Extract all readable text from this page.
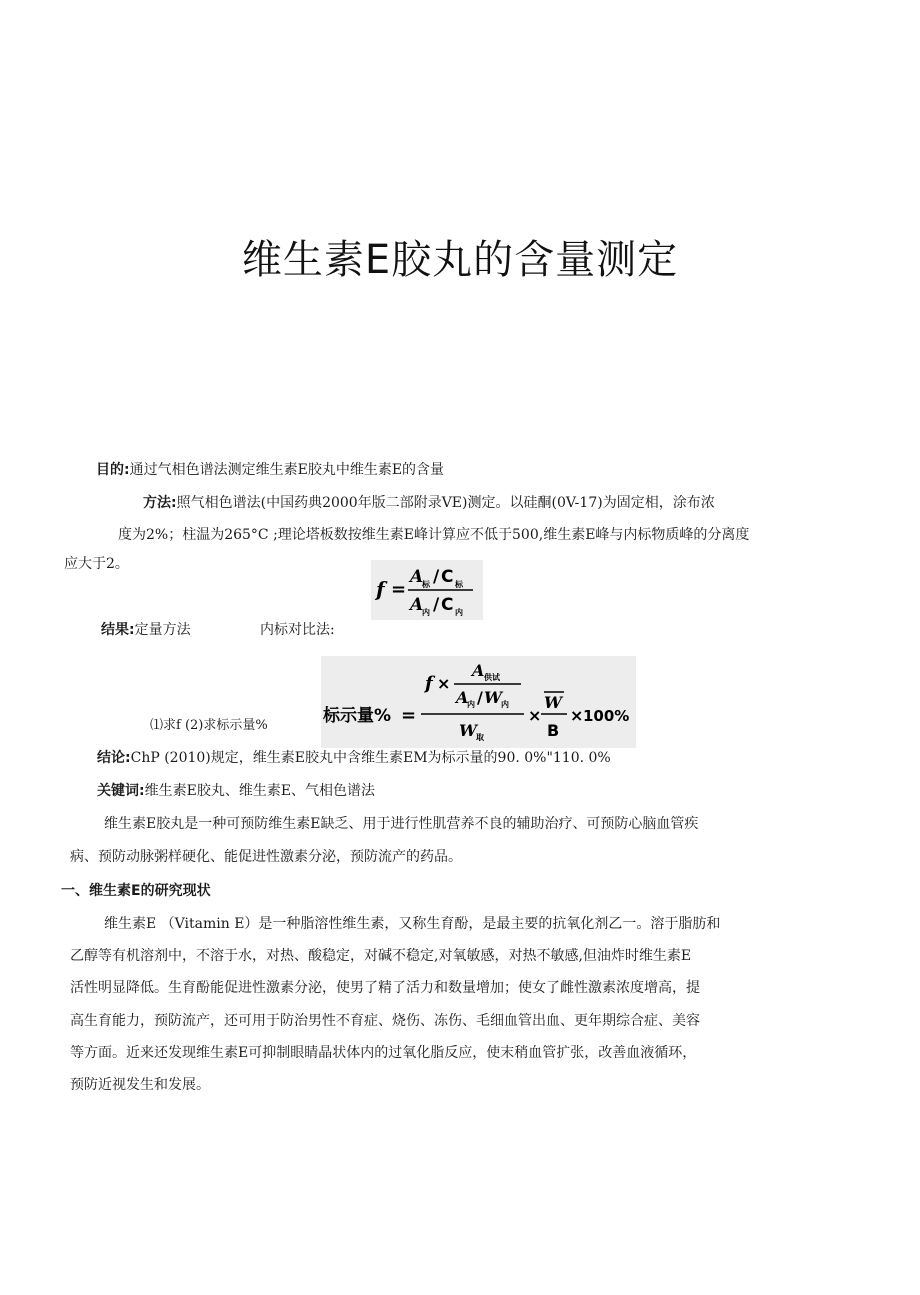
维生素E胶丸的含量测定
目的:通过气相色谱法测定维生素E胶丸中维生素E的含量
方法:照气相色谱法(中国药典2000年版二部附录VE)测定。以硅酮(0V-17)为固定相，涂布浓
度为2%；柱温为265°C ;理论塔板数按维生素E峰计算应不低于500,维生素E峰与内标物质峰的分离度
应大于2。
f =
A
标 / C 标
A
内 / C 内
结果:定量方法	内标对比法:
标示量% =
f ×
A 供试
A
内 / W 内
W 取
×
W
B
× 100%
⑴求f (2)求标示量%
结论:ChP (2010)规定，维生素E胶丸中含维生素EM为标示量的90. 0%"110. 0%
关键词:维生素E胶丸、维生素E、气相色谱法
维生素E胶丸是一种可预防维生素E缺乏、用于进行性肌营养不良的辅助治疗、可预防心脑血管疾
病、预防动脉粥样硬化、能促进性激素分泌，预防流产的药品。
一、维生素E的研究现状
维生素E （Vitamin E）是一种脂溶性维生素，又称生育酚，是最主要的抗氧化剂乙一。溶于脂肪和
乙醇等有机溶剂中，不溶于水，对热、酸稳定，对碱不稳定,对氧敏感，对热不敏感,但油炸时维生素E
活性明显降低。生育酚能促进性激素分泌，使男了精了活力和数量增加；使女了雌性激素浓度增高，提
高生育能力，预防流产，还可用于防治男性不育症、烧伤、冻伤、毛细血管出血、更年期综合症、美容
等方面。近来还发现维生素E可抑制眼睛晶状体内的过氧化脂反应，使末稍血管扩张，改善血液循环，
预防近视发生和发展。
